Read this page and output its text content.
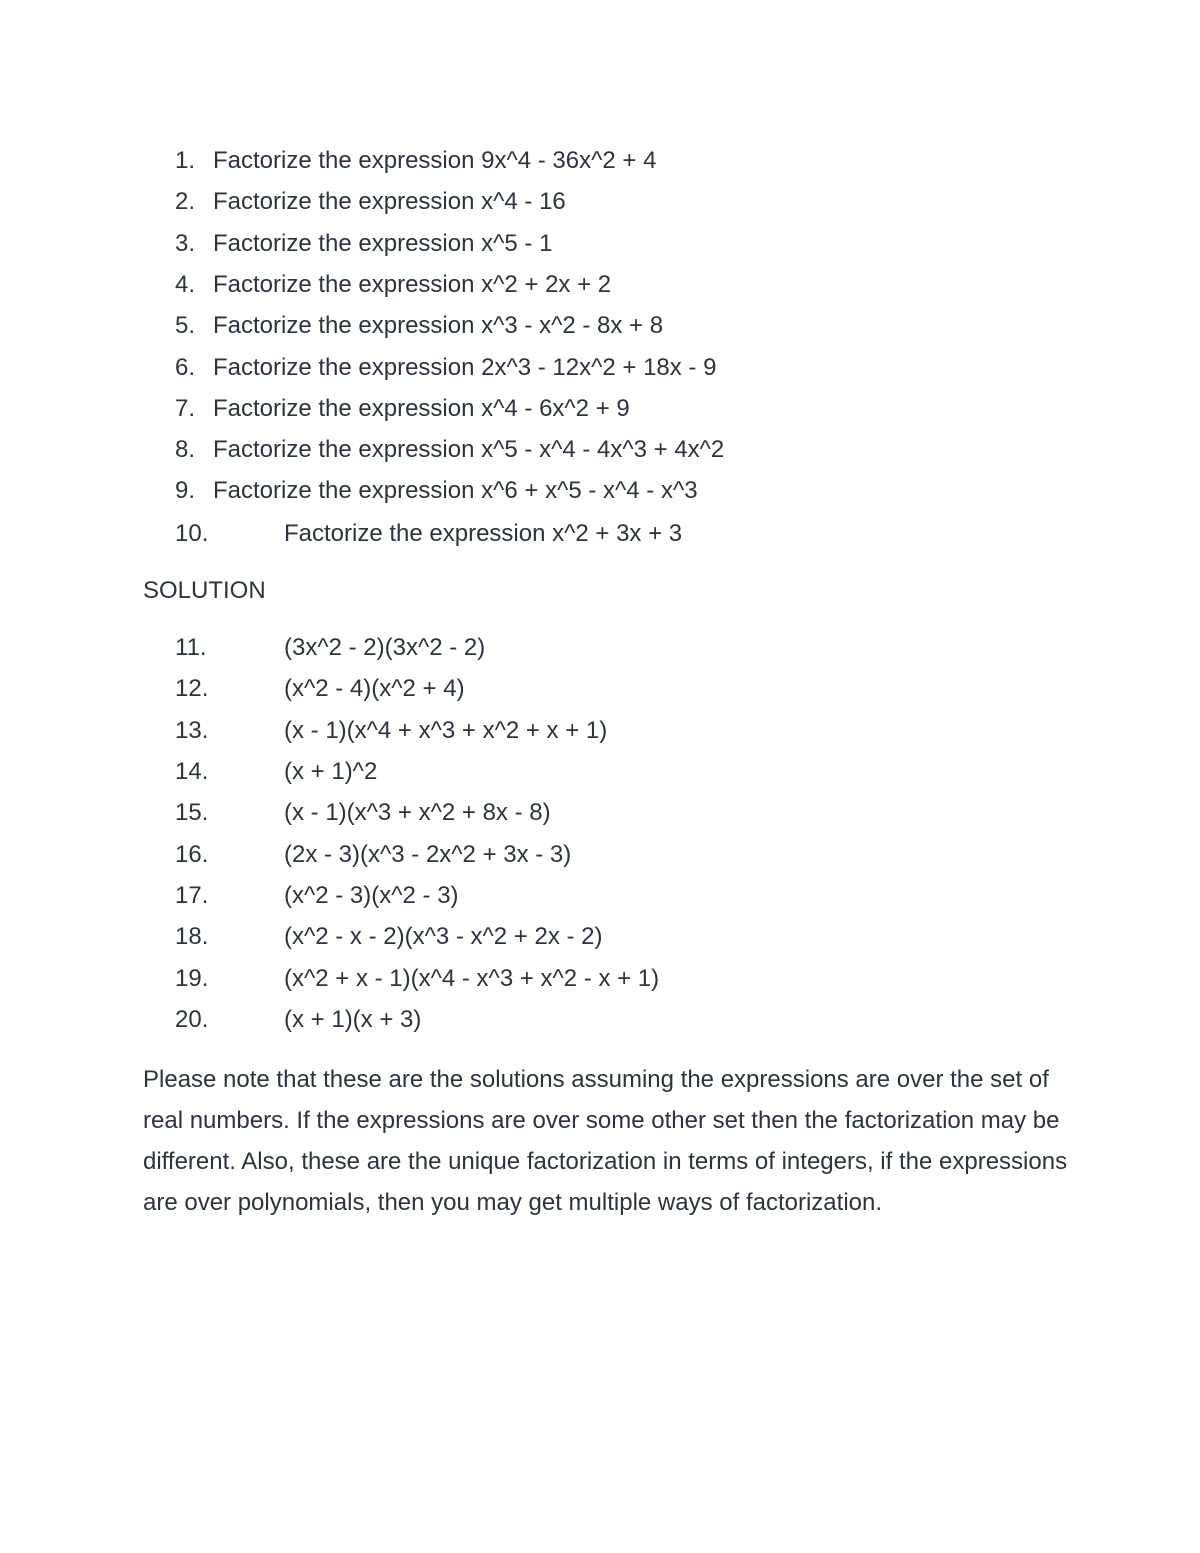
1. Factorize the expression 9x^4 - 36x^2 + 4
2. Factorize the expression x^4 - 16
3. Factorize the expression x^5 - 1
4. Factorize the expression x^2 + 2x + 2
5. Factorize the expression x^3 - x^2 - 8x + 8
6. Factorize the expression 2x^3 - 12x^2 + 18x - 9
7. Factorize the expression x^4 - 6x^2 + 9
8. Factorize the expression x^5 - x^4 - 4x^3 + 4x^2
9. Factorize the expression x^6 + x^5 - x^4 - x^3
10.	Factorize the expression x^2 + 3x + 3
SOLUTION
11.	(3x^2 - 2)(3x^2 - 2)
12.	(x^2 - 4)(x^2 + 4)
13.	(x - 1)(x^4 + x^3 + x^2 + x + 1)
14.	(x + 1)^2
15.	(x - 1)(x^3 + x^2 + 8x - 8)
16.	(2x - 3)(x^3 - 2x^2 + 3x - 3)
17.	(x^2 - 3)(x^2 - 3)
18.	(x^2 - x - 2)(x^3 - x^2 + 2x - 2)
19.	(x^2 + x - 1)(x^4 - x^3 + x^2 - x + 1)
20.	(x + 1)(x + 3)
Please note that these are the solutions assuming the expressions are over the set of real numbers. If the expressions are over some other set then the factorization may be different. Also, these are the unique factorization in terms of integers, if the expressions are over polynomials, then you may get multiple ways of factorization.
